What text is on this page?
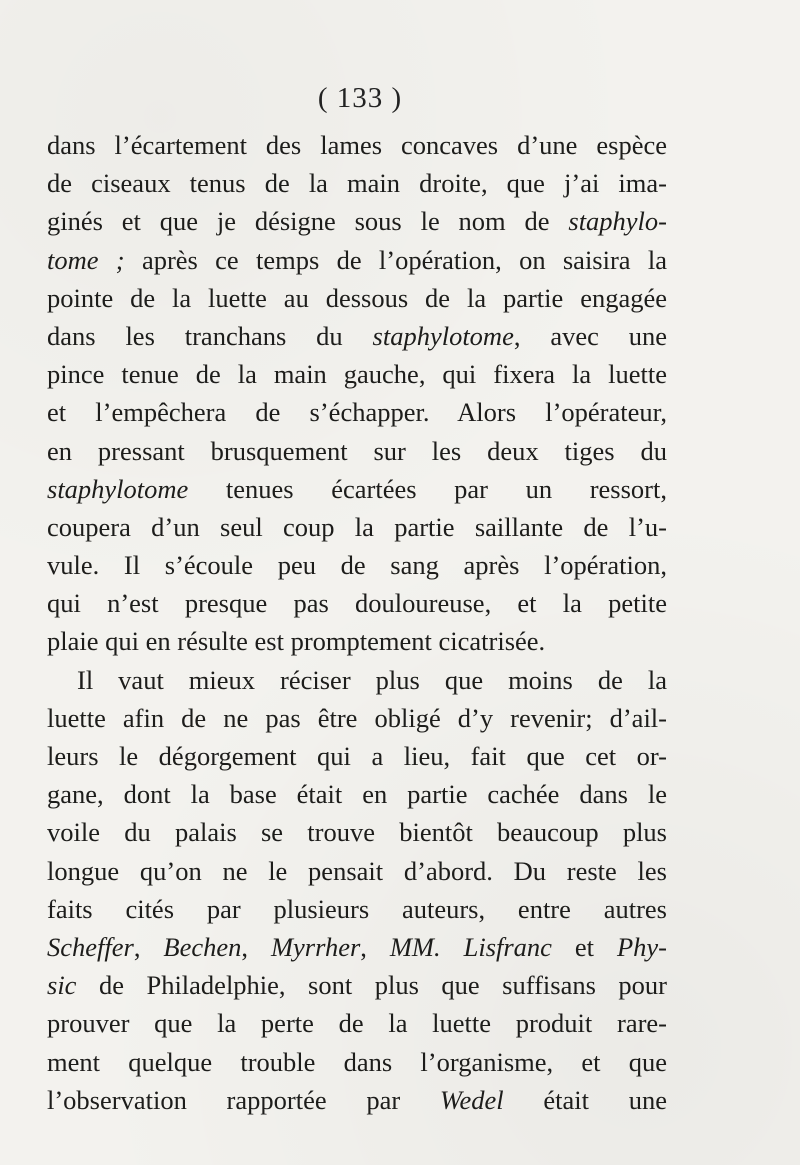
( 133 )
dans l’écartement des lames concaves d’une espèce
de ciseaux tenus de la main droite, que j’ai ima-
ginés et que je désigne sous le nom de staphylo-
tome ; après ce temps de l’opération, on saisira la
pointe de la luette au dessous de la partie engagée
dans les tranchans du staphylotome, avec une
pince tenue de la main gauche, qui fixera la luette
et l’empêchera de s’échapper. Alors l’opérateur,
en pressant brusquement sur les deux tiges du
staphylotome tenues écartées par un ressort,
coupera d’un seul coup la partie saillante de l’u-
vule. Il s’écoule peu de sang après l’opération,
qui n’est presque pas douloureuse, et la petite
plaie qui en résulte est promptement cicatrisée.
Il vaut mieux réciser plus que moins de la
luette afin de ne pas être obligé d’y revenir; d’ail-
leurs le dégorgement qui a lieu, fait que cet or-
gane, dont la base était en partie cachée dans le
voile du palais se trouve bientôt beaucoup plus
longue qu’on ne le pensait d’abord. Du reste les
faits cités par plusieurs auteurs, entre autres
Scheffer, Bechen, Myrrher, MM. Lisfranc et Phy-
sic de Philadelphie, sont plus que suffisans pour
prouver que la perte de la luette produit rare-
ment quelque trouble dans l’organisme, et que
l’observation rapportée par Wedel était une
